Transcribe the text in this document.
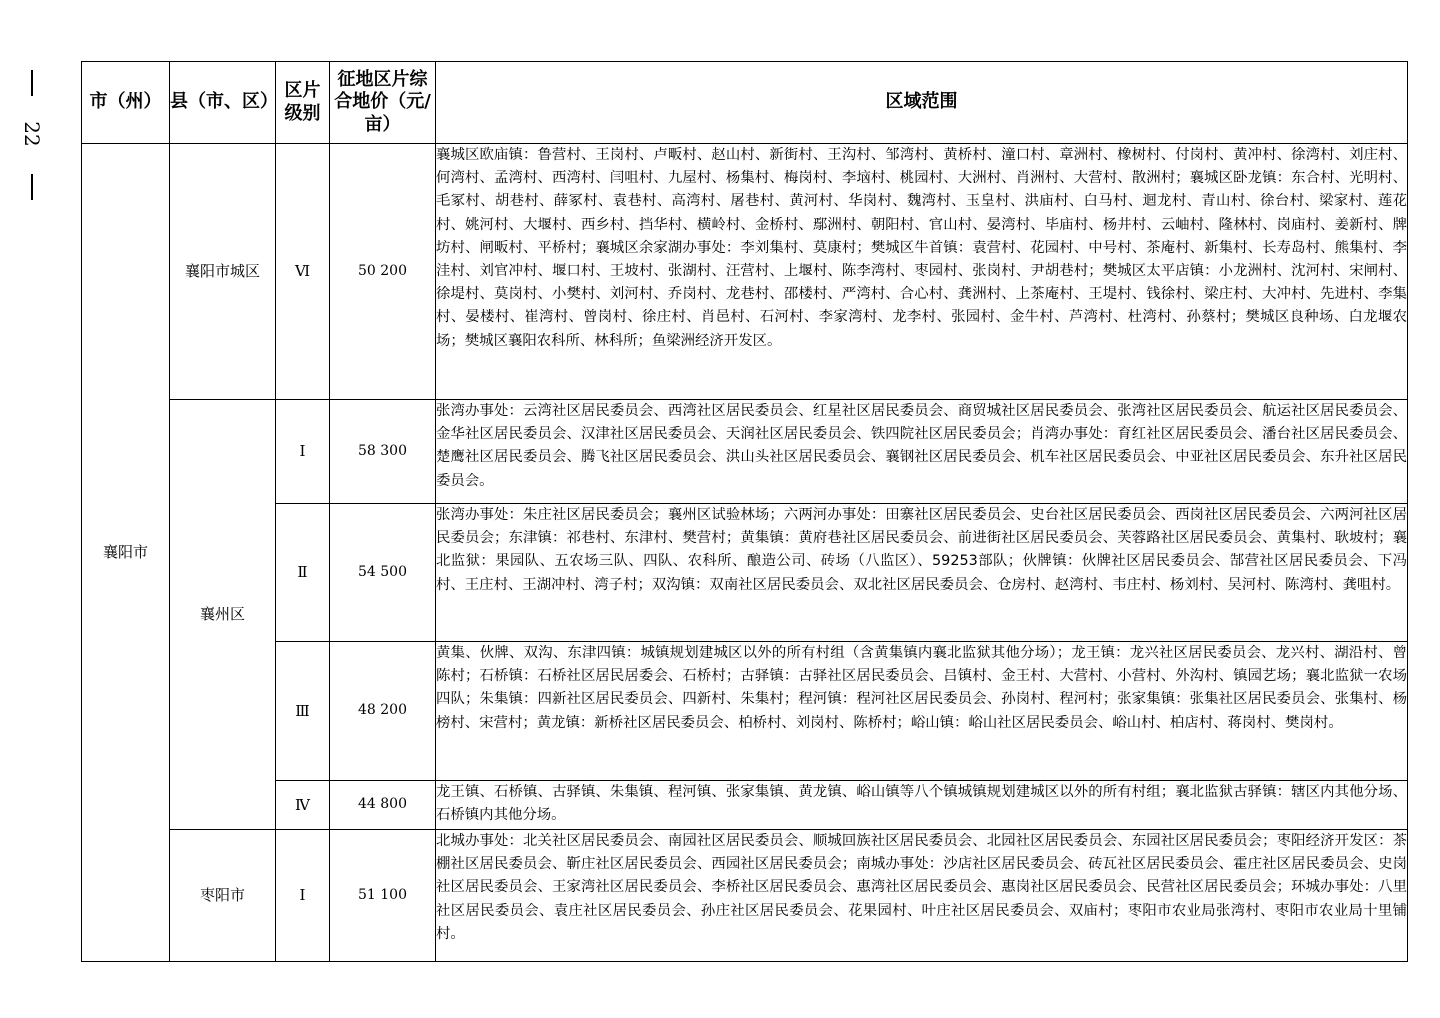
22
市（州）	县（市、区）	区片级别	征地区片综合地价（元/亩）	区域范围
襄阳市	襄阳市城区	Ⅵ	50 200	襄城区欧庙镇：鲁营村、王岗村、卢畈村、赵山村、新街村、王沟村、邹湾村、黄桥村、潼口村、章洲村、橡树村、付岗村、黄冲村、徐湾村、刘庄村、何湾村、孟湾村、西湾村、闫咀村、九屋村、杨集村、梅岗村、李垴村、桃园村、大洲村、肖洲村、大营村、散洲村；襄城区卧龙镇：东合村、光明村、毛冢村、胡巷村、薛冢村、袁巷村、高湾村、屠巷村、黄河村、华岗村、魏湾村、玉皇村、洪庙村、白马村、迴龙村、青山村、徐台村、梁家村、莲花村、姚河村、大堰村、西乡村、挡华村、横岭村、金桥村、鄢洲村、朝阳村、官山村、晏湾村、毕庙村、杨井村、云岫村、隆林村、岗庙村、姜新村、牌坊村、闸畈村、平桥村；襄城区余家湖办事处：李刘集村、莫康村；樊城区牛首镇：袁营村、花园村、中号村、茶庵村、新集村、长寿岛村、熊集村、李洼村、刘官冲村、堰口村、王坡村、张湖村、汪营村、上堰村、陈李湾村、枣园村、张岗村、尹胡巷村；樊城区太平店镇：小龙洲村、沈河村、宋闸村、徐堤村、莫岗村、小樊村、刘河村、乔岗村、龙巷村、邵楼村、严湾村、合心村、龚洲村、上茶庵村、王堤村、钱徐村、梁庄村、大冲村、先进村、李集村、晏楼村、崔湾村、曾岗村、徐庄村、肖邑村、石河村、李家湾村、龙李村、张园村、金牛村、芦湾村、杜湾村、孙蔡村；樊城区良种场、白龙堰农场；樊城区襄阳农科所、林科所；鱼梁洲经济开发区。
	襄州区	Ⅰ	58 300	张湾办事处：云湾社区居民委员会、西湾社区居民委员会、红星社区居民委员会、商贸城社区居民委员会、张湾社区居民委员会、航运社区居民委员会、金华社区居民委员会、汉津社区居民委员会、天润社区居民委员会、铁四院社区居民委员会；肖湾办事处：育红社区居民委员会、潘台社区居民委员会、楚鹰社区居民委员会、腾飞社区居民委员会、洪山头社区居民委员会、襄钢社区居民委员会、机车社区居民委员会、中亚社区居民委员会、东升社区居民委员会。
		Ⅱ	54 500	张湾办事处：朱庄社区居民委员会；襄州区试验林场；六两河办事处：田寨社区居民委员会、史台社区居民委员会、西岗社区居民委员会、六两河社区居民委员会；东津镇：祁巷村、东津村、樊营村；黄集镇：黄府巷社区居民委员会、前进街社区居民委员会、芙蓉路社区居民委员会、黄集村、耿坡村；襄北监狱：果园队、五农场三队、四队、农科所、酿造公司、砖场（八监区）、59253部队；伙牌镇：伙牌社区居民委员会、郜营社区居民委员会、下冯村、王庄村、王湖冲村、湾子村；双沟镇：双南社区居民委员会、双北社区居民委员会、仓房村、赵湾村、韦庄村、杨刘村、吴河村、陈湾村、龚咀村。
		Ⅲ	48 200	黄集、伙牌、双沟、东津四镇：城镇规划建城区以外的所有村组（含黄集镇内襄北监狱其他分场）；龙王镇：龙兴社区居民委员会、龙兴村、湖沿村、曾陈村；石桥镇：石桥社区居民居委会、石桥村；古驿镇：古驿社区居民委员会、吕镇村、金王村、大营村、小营村、外沟村、镇园艺场；襄北监狱一农场四队；朱集镇：四新社区居民委员会、四新村、朱集村；程河镇：程河社区居民委员会、孙岗村、程河村；张家集镇：张集社区居民委员会、张集村、杨榜村、宋营村；黄龙镇：新桥社区居民委员会、柏桥村、刘岗村、陈桥村；峪山镇：峪山社区居民委员会、峪山村、柏店村、蒋岗村、樊岗村。
		Ⅳ	44 800	龙王镇、石桥镇、古驿镇、朱集镇、程河镇、张家集镇、黄龙镇、峪山镇等八个镇城镇规划建城区以外的所有村组；襄北监狱古驿镇：辖区内其他分场、石桥镇内其他分场。
	枣阳市	Ⅰ	51 100	北城办事处：北关社区居民委员会、南园社区居民委员会、顺城回族社区居民委员会、北园社区居民委员会、东园社区居民委员会；枣阳经济开发区：茶棚社区居民委员会、靳庄社区居民委员会、西园社区居民委员会；南城办事处：沙店社区居民委员会、砖瓦社区居民委员会、霍庄社区居民委员会、史岗社区居民委员会、王家湾社区居民委员会、李桥社区居民委员会、惠湾社区居民委员会、惠岗社区居民委员会、民营社区居民委员会；环城办事处：八里社区居民委员会、袁庄社区居民委员会、孙庄社区居民委员会、花果园村、叶庄社区居民委员会、双庙村；枣阳市农业局张湾村、枣阳市农业局十里铺村。
